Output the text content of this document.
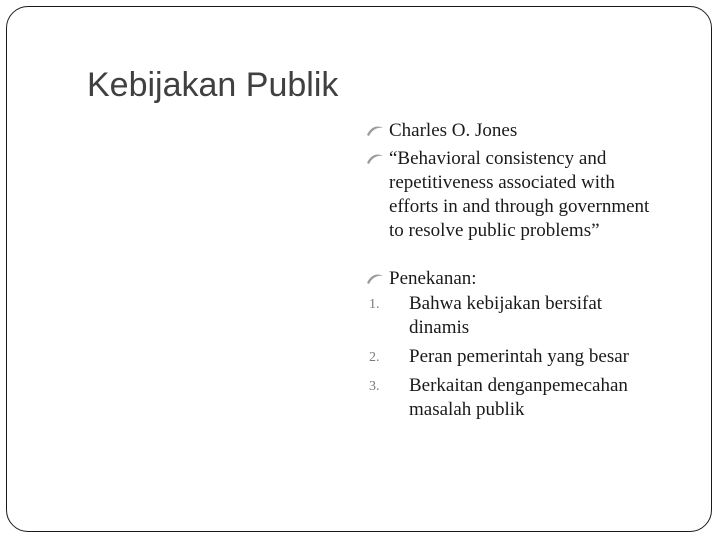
Kebijakan Publik

Charles O. Jones

“Behavioral consistency and repetitiveness associated with efforts in and through government to resolve public problems”

Penekanan:

1. Bahwa kebijakan bersifat dinamis
2. Peran pemerintah yang besar
3. Berkaitan denganpemecahan masalah publik
